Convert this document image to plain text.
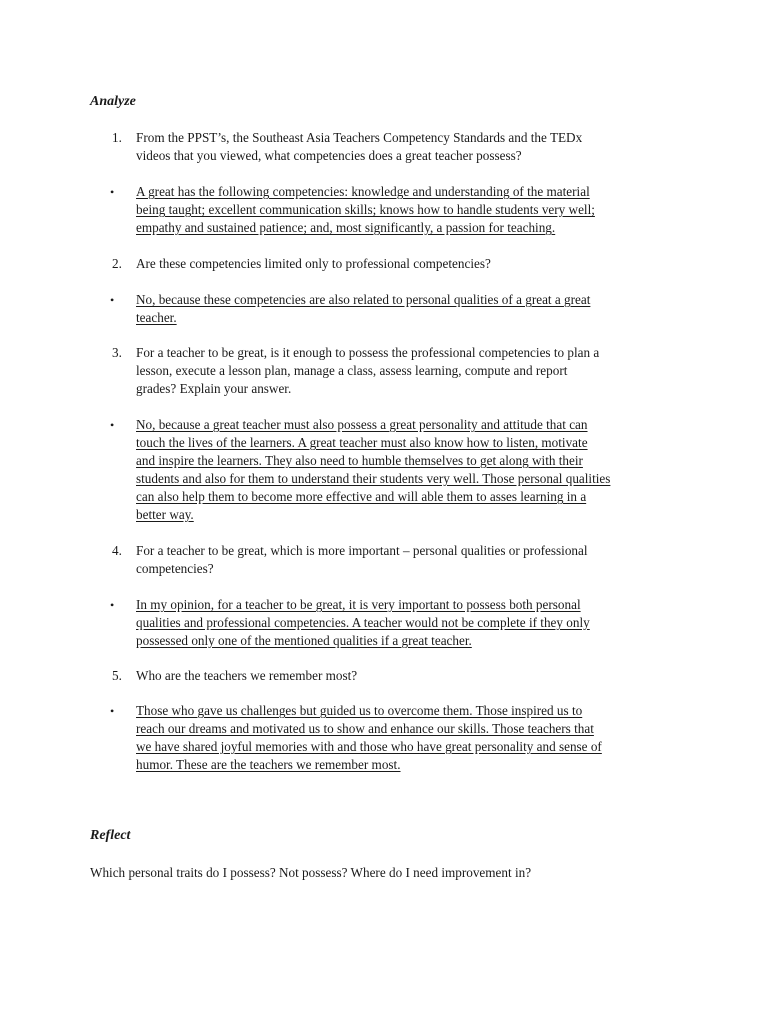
Analyze
1.	From the PPST’s, the Southeast Asia Teachers Competency Standards and the TEDx
videos that you viewed, what competencies does a great teacher possess?
•	A great has the following competencies: knowledge and understanding of the material
being taught; excellent communication skills; knows how to handle students very well;
empathy and sustained patience; and, most significantly, a passion for teaching.
2.	Are these competencies limited only to professional competencies?
•	No, because these competencies are also related to personal qualities of a great a great
teacher.
3.	For a teacher to be great, is it enough to possess the professional competencies to plan a
lesson, execute a lesson plan, manage a class, assess learning, compute and report
grades? Explain your answer.
•	No, because a great teacher must also possess a great personality and attitude that can
touch the lives of the learners. A great teacher must also know how to listen, motivate
and inspire the learners. They also need to humble themselves to get along with their
students and also for them to understand their students very well. Those personal qualities
can also help them to become more effective and will able them to asses learning in a
better way.
4.	For a teacher to be great, which is more important – personal qualities or professional
competencies?
•	In my opinion, for a teacher to be great, it is very important to possess both personal
qualities and professional competencies. A teacher would not be complete if they only
possessed only one of the mentioned qualities if a great teacher.
5.	Who are the teachers we remember most?
•	Those who gave us challenges but guided us to overcome them. Those inspired us to
reach our dreams and motivated us to show and enhance our skills. Those teachers that
we have shared joyful memories with and those who have great personality and sense of
humor. These are the teachers we remember most.
Reflect
Which personal traits do I possess? Not possess? Where do I need improvement in?
